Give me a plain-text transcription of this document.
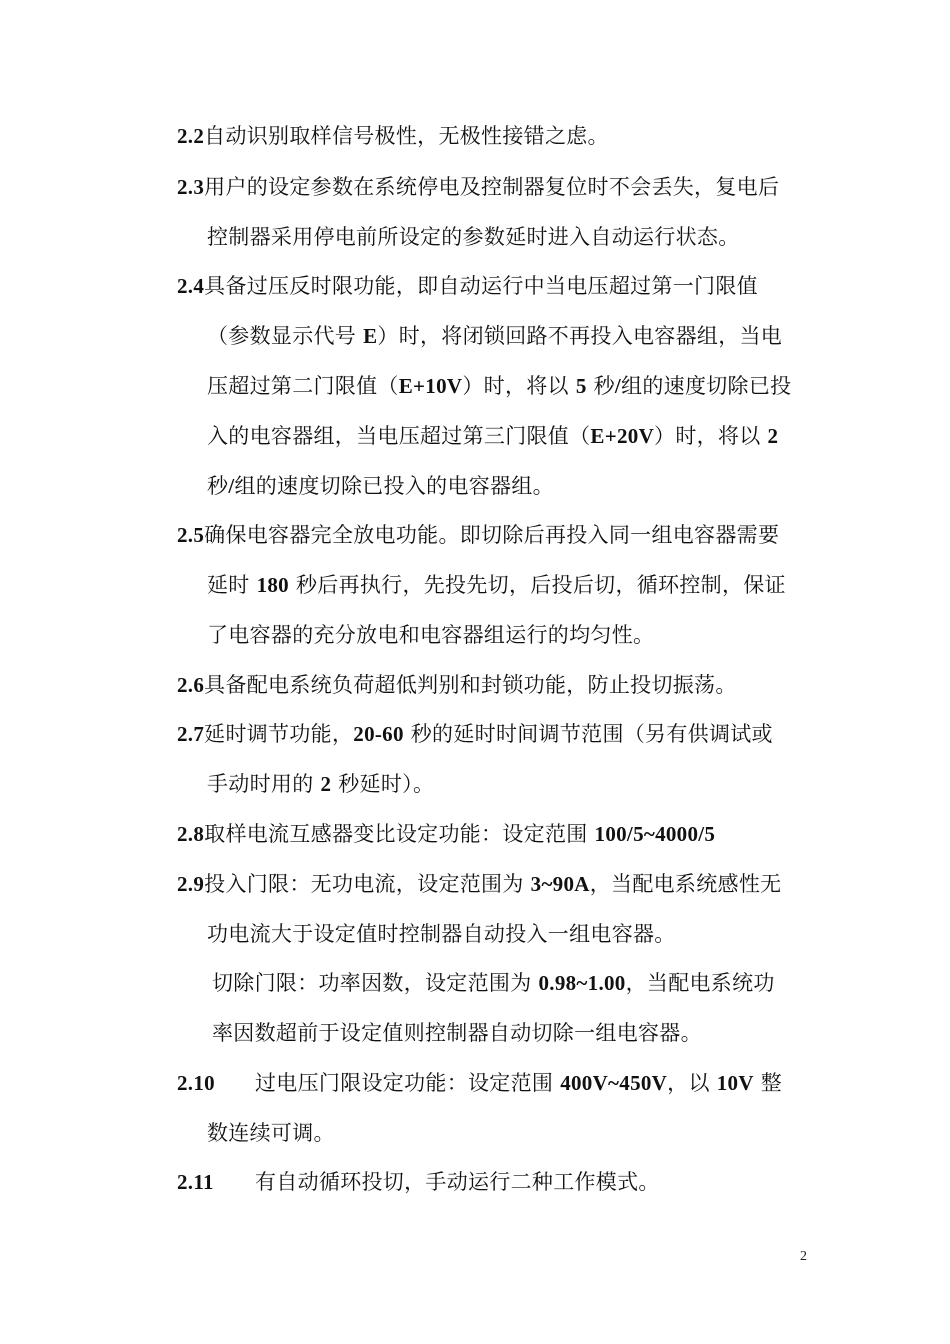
2.2自动识别取样信号极性，无极性接错之虑。
2.3用户的设定参数在系统停电及控制器复位时不会丢失，复电后
控制器采用停电前所设定的参数延时进入自动运行状态。
2.4具备过压反时限功能，即自动运行中当电压超过第一门限值
（参数显示代号 E）时，将闭锁回路不再投入电容器组，当电
压超过第二门限值（E+10V）时，将以 5 秒/组的速度切除已投
入的电容器组，当电压超过第三门限值（E+20V）时，将以 2
秒/组的速度切除已投入的电容器组。
2.5确保电容器完全放电功能。即切除后再投入同一组电容器需要
延时 180 秒后再执行，先投先切，后投后切，循环控制，保证
了电容器的充分放电和电容器组运行的均匀性。
2.6具备配电系统负荷超低判别和封锁功能，防止投切振荡。
2.7延时调节功能，20-60 秒的延时时间调节范围（另有供调试或
手动时用的 2 秒延时）。
2.8取样电流互感器变比设定功能：设定范围 100/5~4000/5
2.9投入门限：无功电流，设定范围为 3~90A，当配电系统感性无
功电流大于设定值时控制器自动投入一组电容器。
切除门限：功率因数，设定范围为 0.98~1.00，当配电系统功
率因数超前于设定值则控制器自动切除一组电容器。
2.10 过电压门限设定功能：设定范围 400V~450V，以 10V 整
数连续可调。
2.11 有自动循环投切，手动运行二种工作模式。
2
